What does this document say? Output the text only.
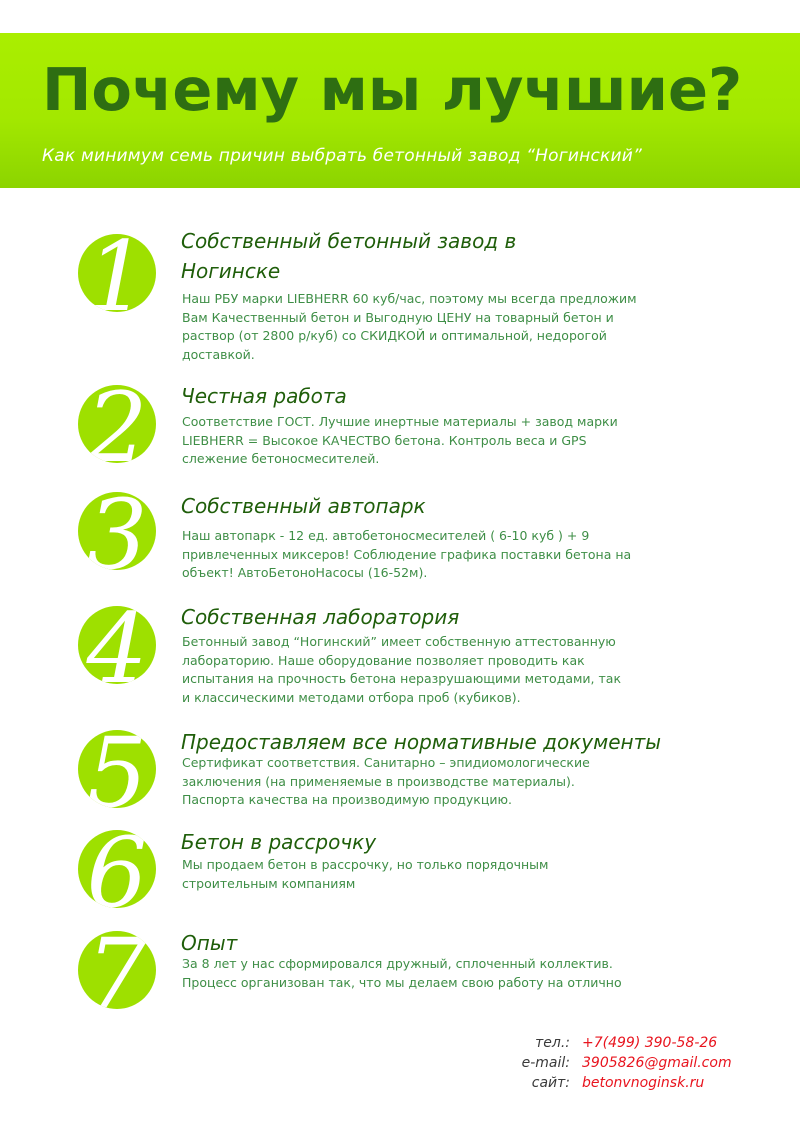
Почему мы лучшие?
Как минимум семь причин выбрать бетонный завод “Ногинский”
1	Собственный бетонный завод в
Ногинске

Наш РБУ марки LIEBHERR 60 куб/час, поэтому мы всегда предложим
Вам Качественный бетон и Выгодную ЦЕНУ на товарный бетон и
раствор (от 2800 р/куб) со СКИДКОЙ и оптимальной, недорогой
доставкой.

2	Честная работа

Соответствие ГОСТ. Лучшие инертные материалы + завод марки
LIEBHERR = Высокое КАЧЕСТВО бетона. Контроль веса и GPS
слежение бетоносмесителей.

3	Собственный автопарк

Наш автопарк - 12 ед. автобетоносмесителей ( 6-10 куб ) + 9
привлеченных миксеров! Соблюдение графика поставки бетона на
объект! АвтоБетоноНасосы (16-52м).

4	Собственная лаборатория

Бетонный завод “Ногинский” имеет собственную аттестованную
лабораторию. Наше оборудование позволяет проводить как
испытания на прочность бетона неразрушающими методами, так
и классическими методами отбора проб (кубиков).

5	Предоставляем все нормативные документы

Сертификат соответствия. Санитарно – эпидиомологические
заключения (на применяемые в производстве материалы).
Паспорта качества на производимую продукцию.

6	Бетон в рассрочку

Мы продаем бетон в рассрочку, но только порядочным
строительным компаниям

7	Опыт

За 8 лет у нас сформировался дружный, сплоченный коллектив.
Процесс организован так, что мы делаем свою работу на отлично

тел.: +7(499) 390-58-26
e-mail: 3905826@gmail.com
сайт: betonvnoginsk.ru
